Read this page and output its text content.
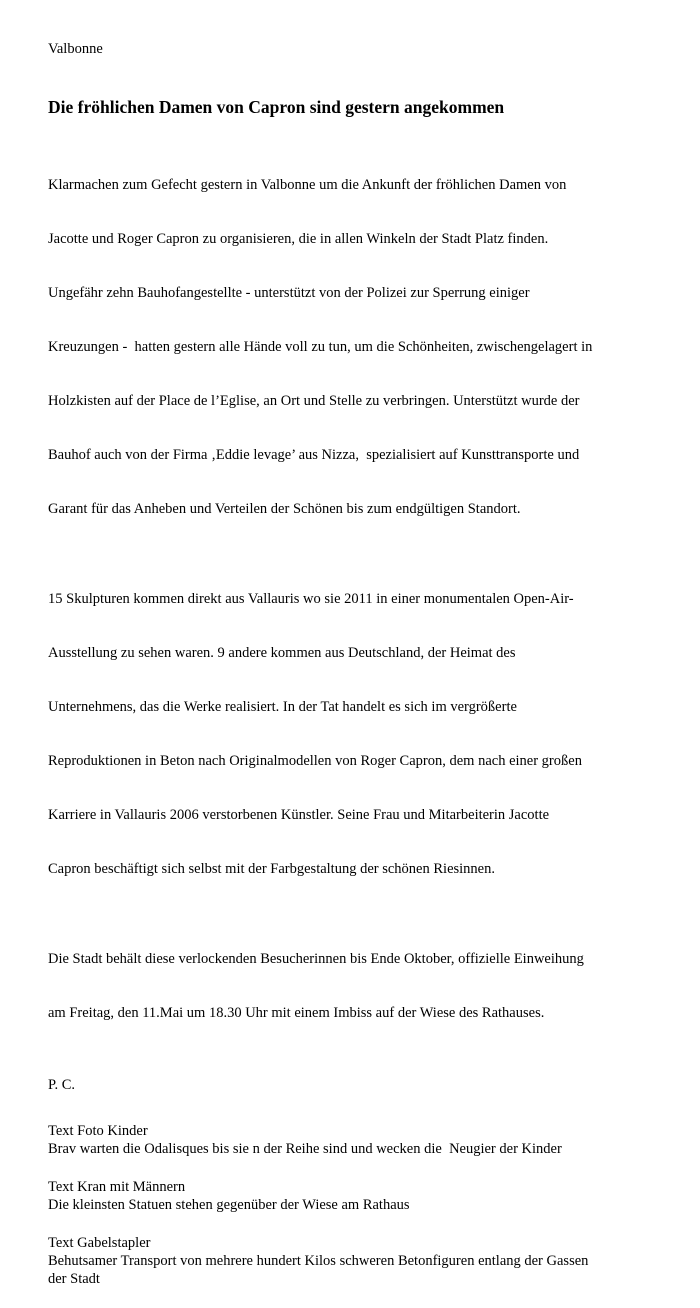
Valbonne
Die fröhlichen Damen von Capron sind gestern angekommen

Klarmachen zum Gefecht gestern in Valbonne um die Ankunft der fröhlichen Damen von

Jacotte und Roger Capron zu organisieren, die in allen Winkeln der Stadt Platz finden.

Ungefähr zehn Bauhofangestellte - unterstützt von der Polizei zur Sperrung einiger

Kreuzungen -  hatten gestern alle Hände voll zu tun, um die Schönheiten, zwischengelagert in

Holzkisten auf der Place de l’Eglise, an Ort und Stelle zu verbringen. Unterstützt wurde der

Bauhof auch von der Firma ‚Eddie levage’ aus Nizza,  spezialisiert auf Kunsttransporte und

Garant für das Anheben und Verteilen der Schönen bis zum endgültigen Standort.

15 Skulpturen kommen direkt aus Vallauris wo sie 2011 in einer monumentalen Open-Air-

Ausstellung zu sehen waren. 9 andere kommen aus Deutschland, der Heimat des

Unternehmens, das die Werke realisiert. In der Tat handelt es sich im vergrößerte

Reproduktionen in Beton nach Originalmodellen von Roger Capron, dem nach einer großen

Karriere in Vallauris 2006 verstorbenen Künstler. Seine Frau und Mitarbeiterin Jacotte

Capron beschäftigt sich selbst mit der Farbgestaltung der schönen Riesinnen.

Die Stadt behält diese verlockenden Besucherinnen bis Ende Oktober, offizielle Einweihung

am Freitag, den 11.Mai um 18.30 Uhr mit einem Imbiss auf der Wiese des Rathauses.

P. C.
Text Foto Kinder
Brav warten die Odalisques bis sie n der Reihe sind und wecken die  Neugier der Kinder
Text Kran mit Männern
Die kleinsten Statuen stehen gegenüber der Wiese am Rathaus
Text Gabelstapler
Behutsamer Transport von mehrere hundert Kilos schweren Betonfiguren entlang der Gassen
der Stadt
